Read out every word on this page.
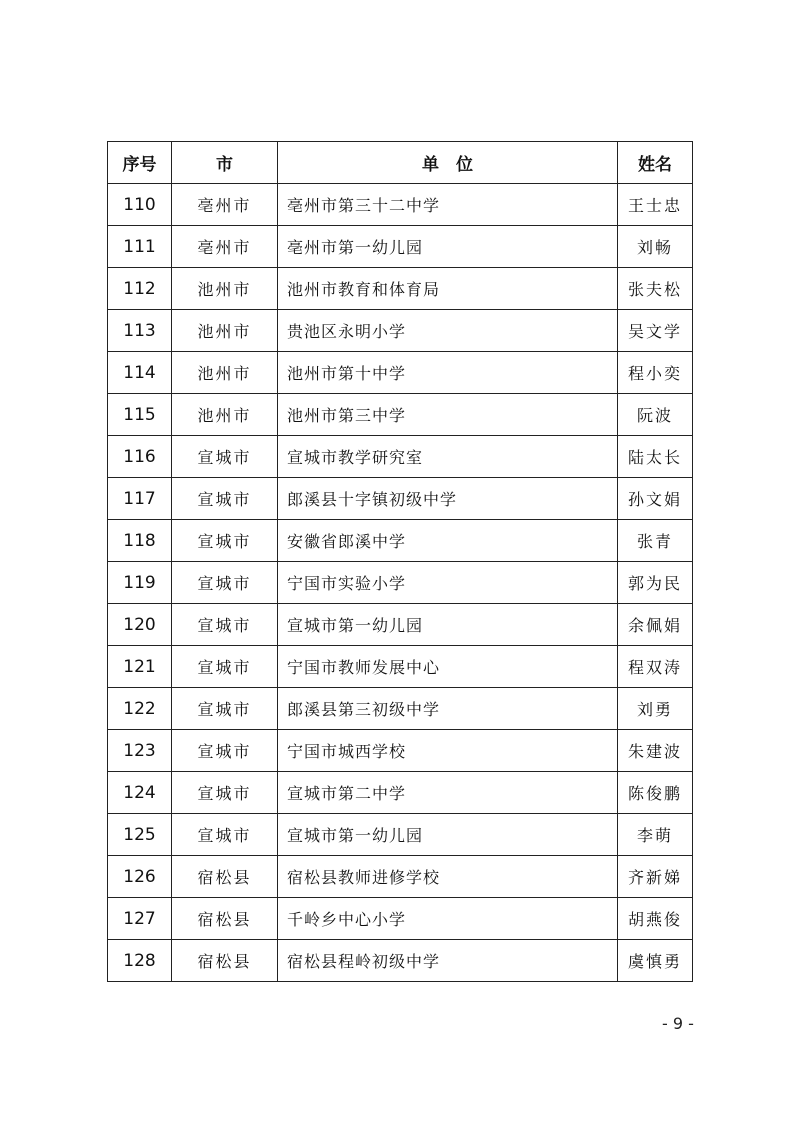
序号	市	单　位	姓名
110	亳州市	亳州市第三十二中学	王士忠
111	亳州市	亳州市第一幼儿园	刘畅
112	池州市	池州市教育和体育局	张夫松
113	池州市	贵池区永明小学	吴文学
114	池州市	池州市第十中学	程小奕
115	池州市	池州市第三中学	阮波
116	宣城市	宣城市教学研究室	陆太长
117	宣城市	郎溪县十字镇初级中学	孙文娟
118	宣城市	安徽省郎溪中学	张青
119	宣城市	宁国市实验小学	郭为民
120	宣城市	宣城市第一幼儿园	余佩娟
121	宣城市	宁国市教师发展中心	程双涛
122	宣城市	郎溪县第三初级中学	刘勇
123	宣城市	宁国市城西学校	朱建波
124	宣城市	宣城市第二中学	陈俊鹏
125	宣城市	宣城市第一幼儿园	李萌
126	宿松县	宿松县教师进修学校	齐新娣
127	宿松县	千岭乡中心小学	胡燕俊
128	宿松县	宿松县程岭初级中学	虞慎勇
- 9 -
